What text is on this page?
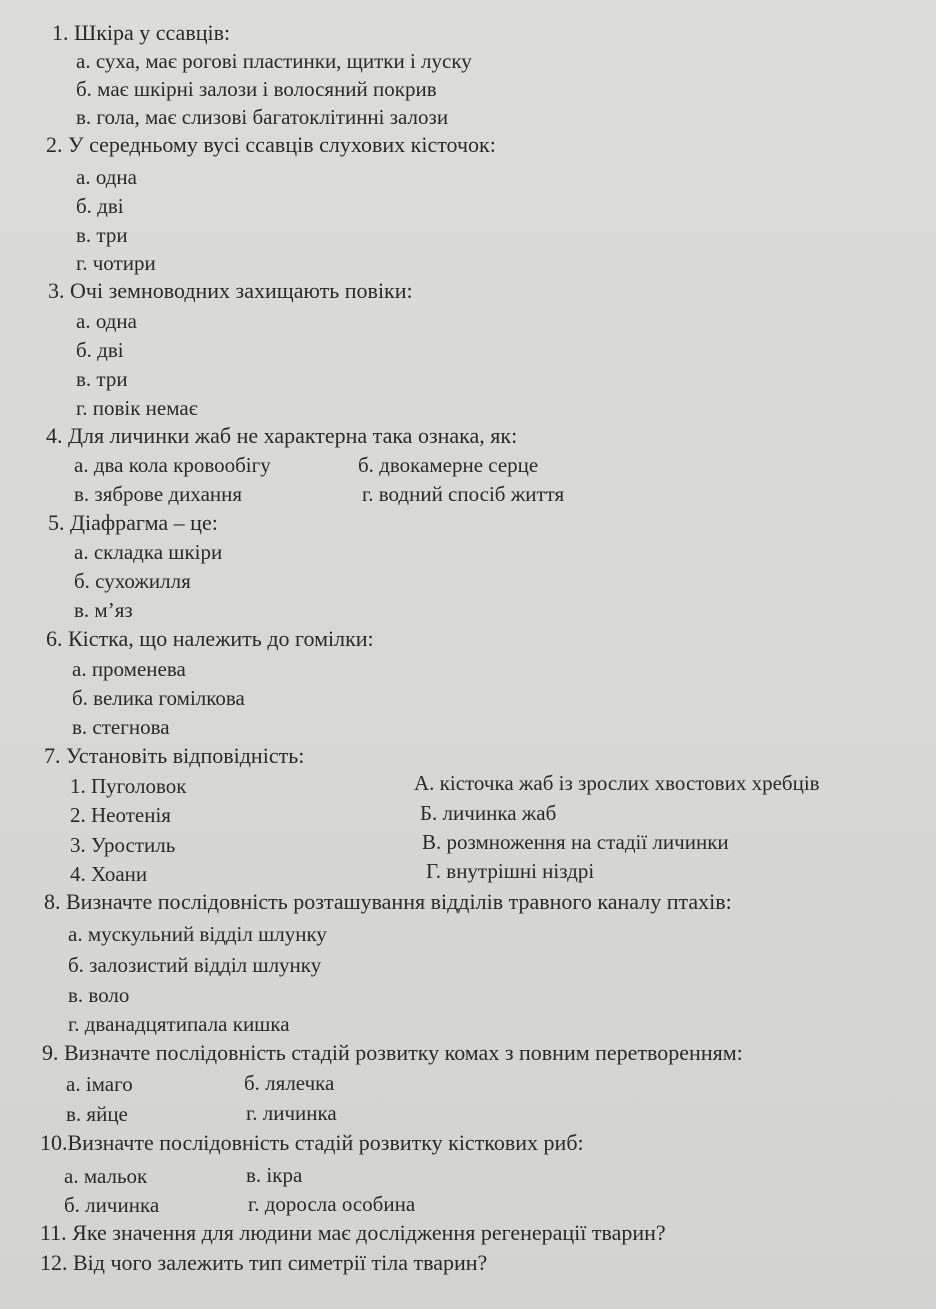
1. Шкіра у ссавців:
а. суха, має рогові пластинки, щитки і луску
б. має шкірні залози і волосяний покрив
в. гола, має слизові багатоклітинні залози
2. У середньому вусі ссавців слухових кісточок:
а. одна
б. дві
в. три
г. чотири
3. Очі земноводних захищають повіки:
а. одна
б. дві
в. три
г. повік немає
4. Для личинки жаб не характерна така ознака, як:
а. два кола кровообігу	б. двокамерне серце
в. зяброве дихання	г. водний спосіб життя
5. Діафрагма – це:
а. складка шкіри
б. сухожилля
в. м’яз
6. Кістка, що належить до гомілки:
а. променева
б. велика гомілкова
в. стегнова
7. Установіть відповідність:
1. Пуголовок	А. кісточка жаб із зрослих хвостових хребців
2. Неотенія	Б. личинка жаб
3. Уростиль	В. розмноження на стадії личинки
4. Хоани	Г. внутрішні ніздрі
8. Визначте послідовність розташування відділів травного каналу птахів:
а. мускульний відділ шлунку
б. залозистий відділ шлунку
в. воло
г. дванадцятипала кишка
9. Визначте послідовність стадій розвитку комах з повним перетворенням:
а. імаго	б. лялечка
в. яйце	г. личинка
10.Визначте послідовність стадій розвитку кісткових риб:
а. мальок	в. ікра
б. личинка	г. доросла особина
11. Яке значення для людини має дослідження регенерації тварин?
12. Від чого залежить тип симетрії тіла тварин?
